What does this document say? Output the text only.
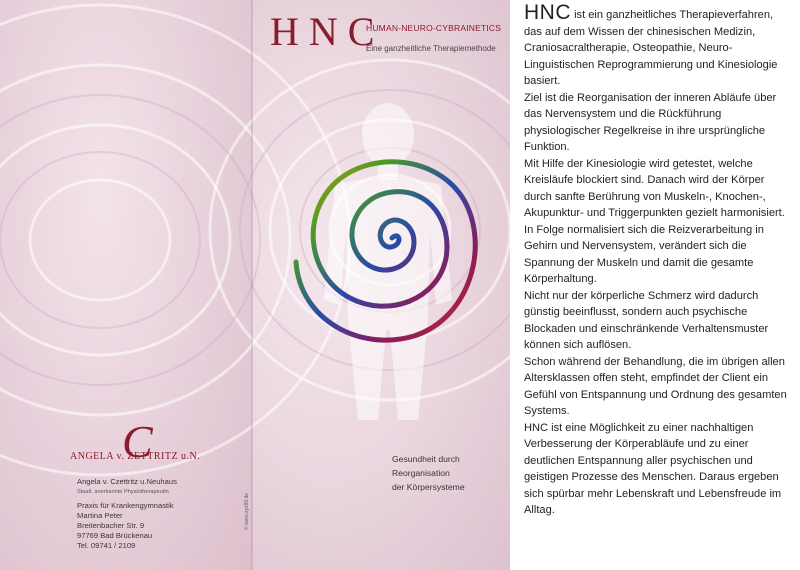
HNC
HUMAN-NEURO-CYBRAINETICS
Eine ganzheitliche Therapiemethode
C
ANGELA v. ZETTRITZ u.N.
Angela v. Czettritz u.Neuhaus
Staatl. anerkannte Physiotherapeutin
Praxis für Krankengymnastik
Martina Peter
Breitenbacher Str. 9
97769 Bad Brückenau
Tel. 09741 / 2109
Gesundheit durch
Reorganisation
der Körpersysteme
© www.xyz99.de

HNC ist ein ganzheitliches Therapieverfahren, das auf dem Wissen der chinesischen Medizin, Craniosacraltherapie, Osteopathie, Neuro-Linguistischen Reprogrammierung und Kinesiologie basiert.

Ziel ist die Reorganisation der inneren Abläufe über das Nervensystem und die Rückführung physiologischer Regelkreise in ihre ursprüngliche Funktion.

Mit Hilfe der Kinesiologie wird getestet, welche Kreisläufe blockiert sind. Danach wird der Körper durch sanfte Berührung von Muskeln-, Knochen-, Akupunktur- und Triggerpunkten gezielt harmonisiert.

In Folge normalisiert sich die Reizverarbeitung in Gehirn und Nervensystem, verändert sich die Spannung der Muskeln und damit die gesamte Körperhaltung.

Nicht nur der körperliche Schmerz wird dadurch günstig beeinflusst, sondern auch psychische Blockaden und einschränkende Verhaltensmuster können sich auflösen.

Schon während der Behandlung, die im übrigen allen Altersklassen offen steht, empfindet der Client ein Gefühl von Entspannung und Ordnung des gesamten Systems.

HNC ist eine Möglichkeit zu einer nachhaltigen Verbesserung der Körperabläufe und zu einer deutlichen Entspannung aller psychischen und geistigen Prozesse des Menschen. Daraus ergeben sich spürbar mehr Lebenskraft und Lebensfreude im Alltag.
